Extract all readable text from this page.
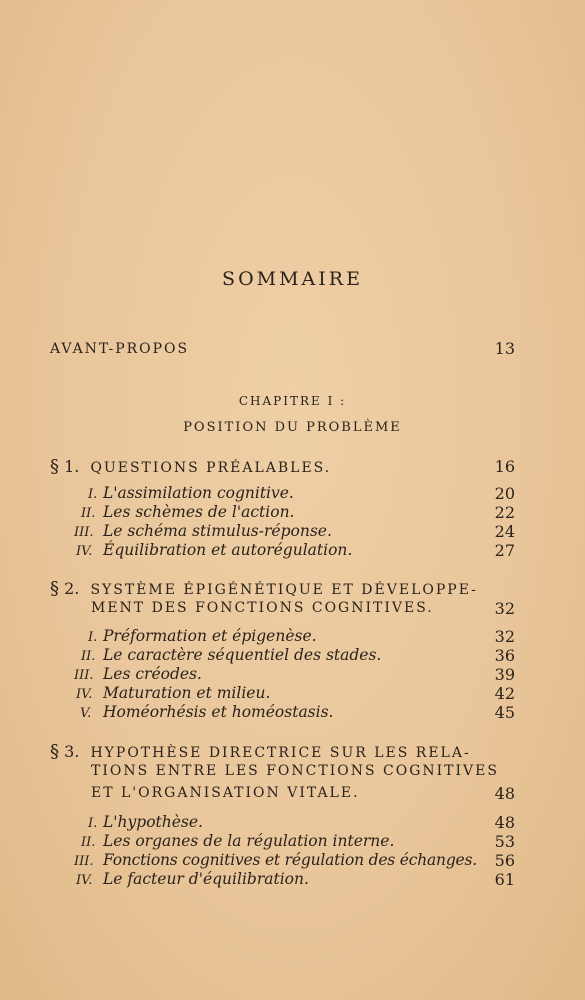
SOMMAIRE
AVANT-PROPOS	13
CHAPITRE I :
POSITION DU PROBLÈME
§ 1. QUESTIONS PRÉALABLES.	16
I. L'assimilation cognitive.	20
II. Les schèmes de l'action.	22
III. Le schéma stimulus-réponse.	24
IV. Équilibration et autorégulation.	27
§ 2. SYSTÈME ÉPIGÉNÉTIQUE ET DÉVELOPPE-
MENT DES FONCTIONS COGNITIVES.	32
I. Préformation et épigenèse.	32
II. Le caractère séquentiel des stades.	36
III. Les créodes.	39
IV. Maturation et milieu.	42
V. Homéorhésis et homéostasis.	45
§ 3. HYPOTHÈSE DIRECTRICE SUR LES RELA-
TIONS ENTRE LES FONCTIONS COGNITIVES
ET L'ORGANISATION VITALE.	48
I. L'hypothèse.	48
II. Les organes de la régulation interne.	53
III. Fonctions cognitives et régulation des échanges. 56
IV. Le facteur d'équilibration.	61
